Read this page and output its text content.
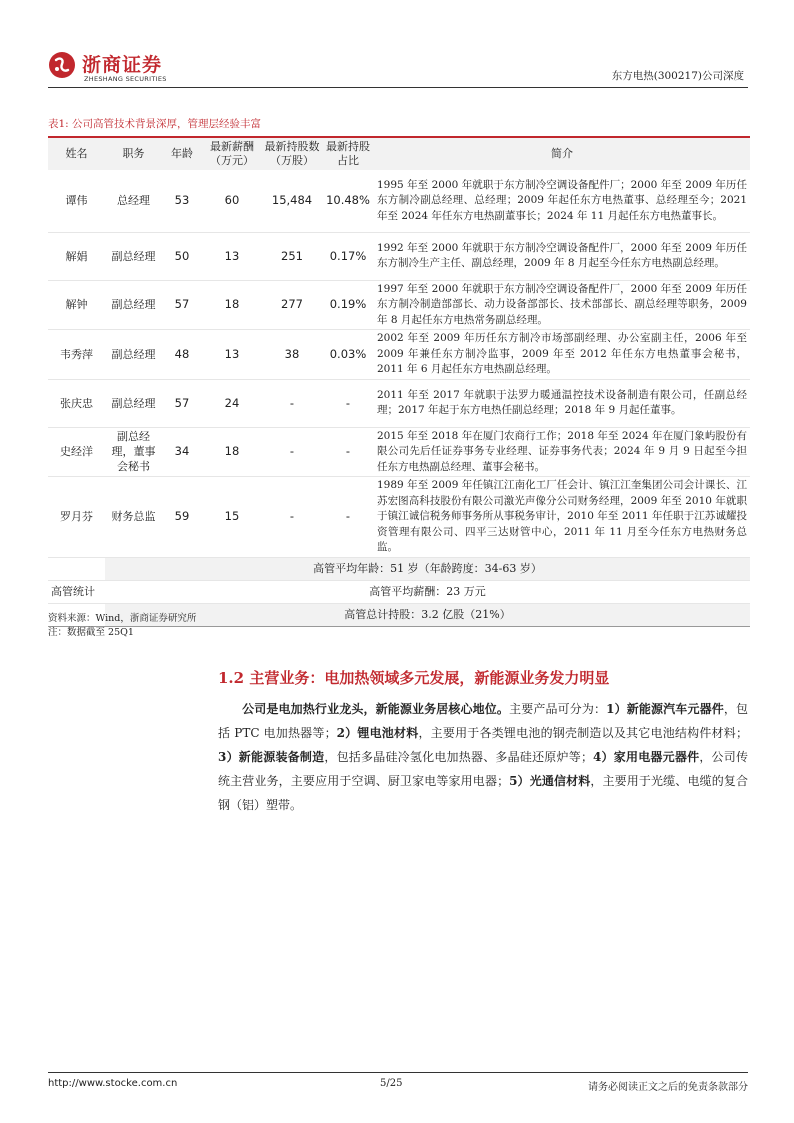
浙商证券
ZHESHANG SECURITIES	东方电热(300217)公司深度
表1: 公司高管技术背景深厚，管理层经验丰富
姓名	职务	年龄	最新薪酬（万元）	最新持股数（万股）	最新持股占比	简介
谭伟	总经理	53	60	15,484	10.48%	1995 年至 2000 年就职于东方制冷空调设备配件厂；2000 年至 2009 年历任东方制冷副总经理、总经理；2009 年起任东方电热董事、总经理至今；2021 年至 2024 年任东方电热副董事长；2024 年 11 月起任东方电热董事长。
解娟	副总经理	50	13	251	0.17%	1992 年至 2000 年就职于东方制冷空调设备配件厂，2000 年至 2009 年历任东方制冷生产主任、副总经理，2009 年 8 月起至今任东方电热副总经理。
解钟	副总经理	57	18	277	0.19%	1997 年至 2000 年就职于东方制冷空调设备配件厂，2000 年至 2009 年历任东方制冷制造部部长、动力设备部部长、技术部部长、副总经理等职务，2009 年 8 月起任东方电热常务副总经理。
韦秀萍	副总经理	48	13	38	0.03%	2002 年至 2009 年历任东方制冷市场部副经理、办公室副主任，2006 年至 2009 年兼任东方制冷监事，2009 年至 2012 年任东方电热董事会秘书，2011 年 6 月起任东方电热副总经理。
张庆忠	副总经理	57	24	-	-	2011 年至 2017 年就职于法罗力暖通温控技术设备制造有限公司，任副总经理；2017 年起于东方电热任副总经理；2018 年 9 月起任董事。
史经洋	副总经理，董事会秘书	34	18	-	-	2015 年至 2018 年在厦门农商行工作；2018 年至 2024 年在厦门象屿股份有限公司先后任证券事务专业经理、证券事务代表；2024 年 9 月 9 日起至今担任东方电热副总经理、董事会秘书。
罗月芬	财务总监	59	15	-	-	1989 年至 2009 年任镇江江南化工厂任会计、镇江江奎集团公司会计课长、江苏宏图高科技股份有限公司激光声像分公司财务经理，2009 年至 2010 年就职于镇江诚信税务师事务所从事税务审计，2010 年至 2011 年任职于江苏诚耀投资管理有限公司、四平三达财管中心，2011 年 11 月至今任东方电热财务总监。
	高管平均年龄：51 岁（年龄跨度：34-63 岁）					
高管统计	高管平均薪酬：23 万元					
	高管总计持股：3.2 亿股（21%）					
资料来源：Wind，浙商证券研究所
注：数据截至 25Q1
1.2 主营业务：电加热领域多元发展，新能源业务发力明显
公司是电加热行业龙头，新能源业务居核心地位。主要产品可分为：1）新能源汽车元器件，包括 PTC 电加热器等；2）锂电池材料，主要用于各类锂电池的钢壳制造以及其它电池结构件材料；3）新能源装备制造，包括多晶硅冷氢化电加热器、多晶硅还原炉等；4）家用电器元器件，公司传统主营业务，主要应用于空调、厨卫家电等家用电器；5）光通信材料，主要用于光缆、电缆的复合钢（铝）塑带。
http://www.stocke.com.cn	5/25	请务必阅读正文之后的免责条款部分
